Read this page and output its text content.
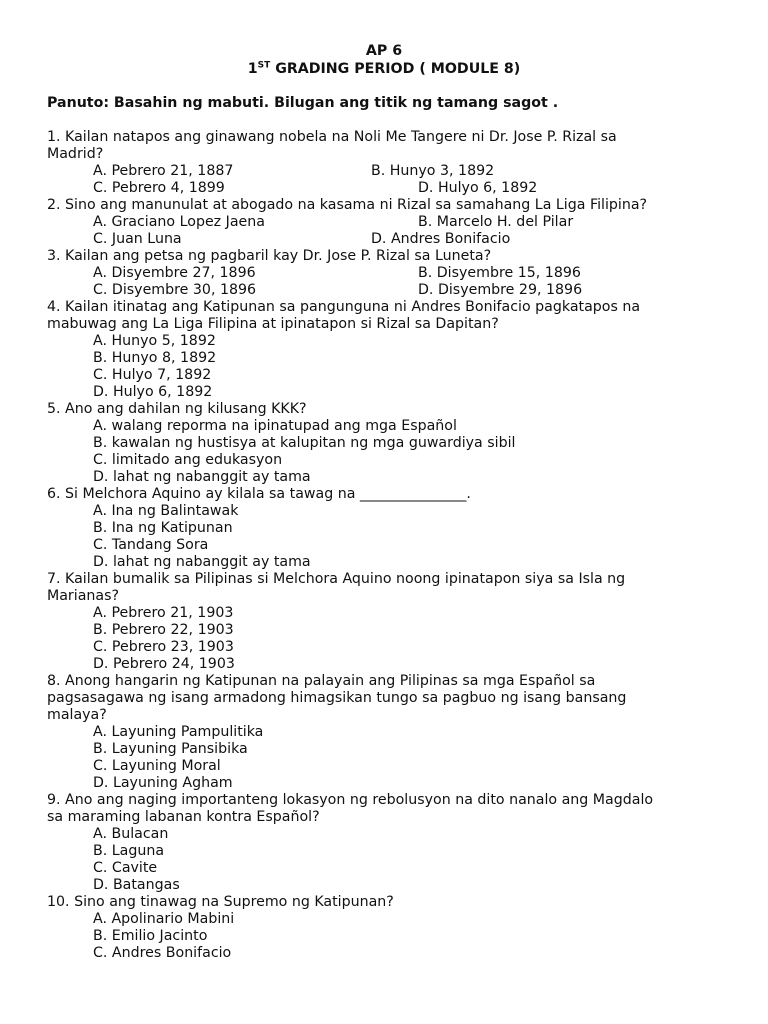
AP 6
1ST GRADING PERIOD ( MODULE 8)
Panuto: Basahin ng mabuti. Bilugan ang titik ng tamang sagot .
1. Kailan natapos ang ginawang nobela na Noli Me Tangere ni Dr. Jose P. Rizal sa
Madrid?
A. Pebrero 21, 1887	B. Hunyo 3, 1892
C. Pebrero 4, 1899	D. Hulyo 6, 1892
2. Sino ang manunulat at abogado na kasama ni Rizal sa samahang La Liga Filipina?
A. Graciano Lopez Jaena	B. Marcelo H. del Pilar
C. Juan Luna	D. Andres Bonifacio
3. Kailan ang petsa ng pagbaril kay Dr. Jose P. Rizal sa Luneta?
A. Disyembre 27, 1896	B. Disyembre 15, 1896
C. Disyembre 30, 1896	D. Disyembre 29, 1896
4. Kailan itinatag ang Katipunan sa pangunguna ni Andres Bonifacio pagkatapos na
mabuwag ang La Liga Filipina at ipinatapon si Rizal sa Dapitan?
A. Hunyo 5, 1892
B. Hunyo 8, 1892
C. Hulyo 7, 1892
D. Hulyo 6, 1892
5. Ano ang dahilan ng kilusang KKK?
A. walang reporma na ipinatupad ang mga Español
B. kawalan ng hustisya at kalupitan ng mga guwardiya sibil
C. limitado ang edukasyon
D. lahat ng nabanggit ay tama
6. Si Melchora Aquino ay kilala sa tawag na _______________.
A. Ina ng Balintawak
B. Ina ng Katipunan
C. Tandang Sora
D. lahat ng nabanggit ay tama
7. Kailan bumalik sa Pilipinas si Melchora Aquino noong ipinatapon siya sa Isla ng
Marianas?
A. Pebrero 21, 1903
B. Pebrero 22, 1903
C. Pebrero 23, 1903
D. Pebrero 24, 1903
8. Anong hangarin ng Katipunan na palayain ang Pilipinas sa mga Español sa
pagsasagawa ng isang armadong himagsikan tungo sa pagbuo ng isang bansang
malaya?
A. Layuning Pampulitika
B. Layuning Pansibika
C. Layuning Moral
D. Layuning Agham
9. Ano ang naging importanteng lokasyon ng rebolusyon na dito nanalo ang Magdalo
sa maraming labanan kontra Español?
A. Bulacan
B. Laguna
C. Cavite
D. Batangas
10. Sino ang tinawag na Supremo ng Katipunan?
A. Apolinario Mabini
B. Emilio Jacinto
C. Andres Bonifacio
